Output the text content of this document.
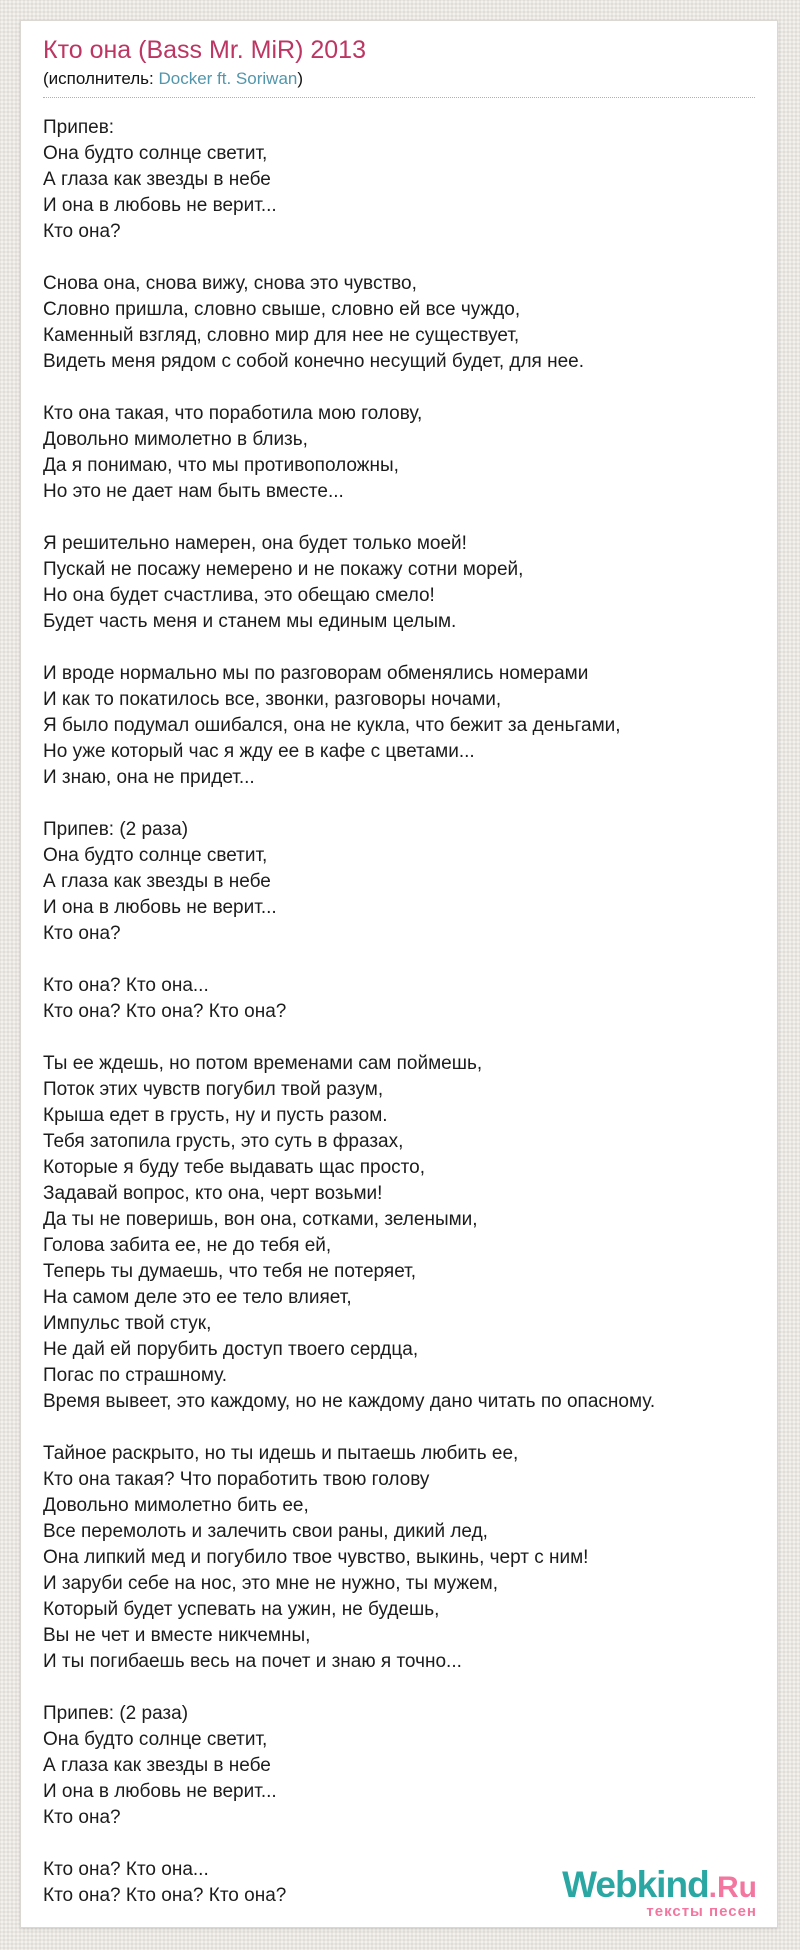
Кто она (Bass Mr. MiR) 2013
(исполнитель: Docker ft. Soriwan)
Припев:
Она будто солнце светит,
А глаза как звезды в небе
И она в любовь не верит...
Кто она?
Снова она, снова вижу, снова это чувство,
Словно пришла, словно свыше, словно ей все чуждо,
Каменный взгляд, словно мир для нее не существует,
Видеть меня рядом с собой конечно несущий будет, для нее.
Кто она такая, что поработила мою голову,
Довольно мимолетно в близь,
Да я понимаю, что мы противоположны,
Но это не дает нам быть вместе...
Я решительно намерен, она будет только моей!
Пускай не посажу немерено и не покажу сотни морей,
Но она будет счастлива, это обещаю смело!
Будет часть меня и станем мы единым целым.
И вроде нормально мы по разговорам обменялись номерами
И как то покатилось все, звонки, разговоры ночами,
Я было подумал ошибался, она не кукла, что бежит за деньгами,
Но уже который час я жду ее в кафе с цветами...
И знаю, она не придет...
Припев: (2 раза)
Она будто солнце светит,
А глаза как звезды в небе
И она в любовь не верит...
Кто она?
Кто она? Кто она...
Кто она? Кто она? Кто она?
Ты ее ждешь, но потом временами сам поймешь,
Поток этих чувств погубил твой разум,
Крыша едет в грусть, ну и пусть разом.
Тебя затопила грусть, это суть в фразах,
Которые я буду тебе выдавать щас просто,
Задавай вопрос, кто она, черт возьми!
Да ты не поверишь, вон она, сотками, зелеными,
Голова забита ее, не до тебя ей,
Теперь ты думаешь, что тебя не потеряет,
На самом деле это ее тело влияет,
Импульс твой стук,
Не дай ей порубить доступ твоего сердца,
Погас по страшному.
Время вывеет, это каждому, но не каждому дано читать по опасному.
Тайное раскрыто, но ты идешь и пытаешь любить ее,
Кто она такая? Что поработить твою голову
Довольно мимолетно бить ее,
Все перемолоть и залечить свои раны, дикий лед,
Она липкий мед и погубило твое чувство, выкинь, черт с ним!
И заруби себе на нос, это мне не нужно, ты мужем,
Который будет успевать на ужин, не будешь,
Вы не чет и вместе никчемны,
И ты погибаешь весь на почет и знаю я точно...
Припев: (2 раза)
Она будто солнце светит,
А глаза как звезды в небе
И она в любовь не верит...
Кто она?
Кто она? Кто она...
Кто она? Кто она? Кто она?	Webkind.Ru
тексты песен
